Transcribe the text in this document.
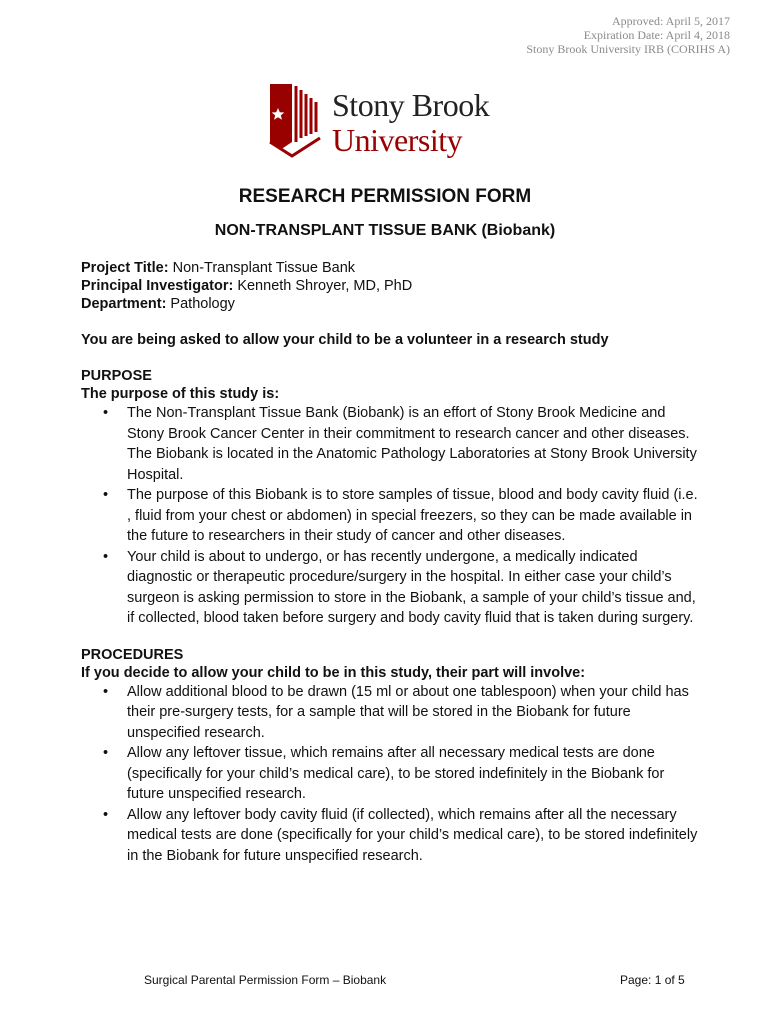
Approved: April 5, 2017
Expiration Date: April 4, 2018
Stony Brook University IRB (CORIHS A)
Stony Brook
University
RESEARCH PERMISSION FORM
NON-TRANSPLANT TISSUE BANK (Biobank)

Project Title: Non-Transplant Tissue Bank

Principal Investigator: Kenneth Shroyer, MD, PhD

Department: Pathology

You are being asked to allow your child to be a volunteer in a research study

PURPOSE

The purpose of this study is:

• The Non-Transplant Tissue Bank (Biobank) is an effort of Stony Brook Medicine and Stony Brook Cancer Center in their commitment to research cancer and other diseases. The Biobank is located in the Anatomic Pathology Laboratories at Stony Brook University Hospital.
• The purpose of this Biobank is to store samples of tissue, blood and body cavity fluid (i.e. , fluid from your chest or abdomen) in special freezers, so they can be made available in the future to researchers in their study of cancer and other diseases.
• Your child is about to undergo, or has recently undergone, a medically indicated diagnostic or therapeutic procedure/surgery in the hospital. In either case your child’s surgeon is asking permission to store in the Biobank, a sample of your child’s tissue and, if collected, blood taken before surgery and body cavity fluid that is taken during surgery.

PROCEDURES

If you decide to allow your child to be in this study, their part will involve:

• Allow additional blood to be drawn (15 ml or about one tablespoon) when your child has their pre-surgery tests, for a sample that will be stored in the Biobank for future unspecified research.
• Allow any leftover tissue, which remains after all necessary medical tests are done (specifically for your child’s medical care), to be stored indefinitely in the Biobank for future unspecified research.
• Allow any leftover body cavity fluid (if collected), which remains after all the necessary medical tests are done (specifically for your child’s medical care), to be stored indefinitely in the Biobank for future unspecified research.
Surgical Parental Permission Form – Biobank	Page: 1 of 5
